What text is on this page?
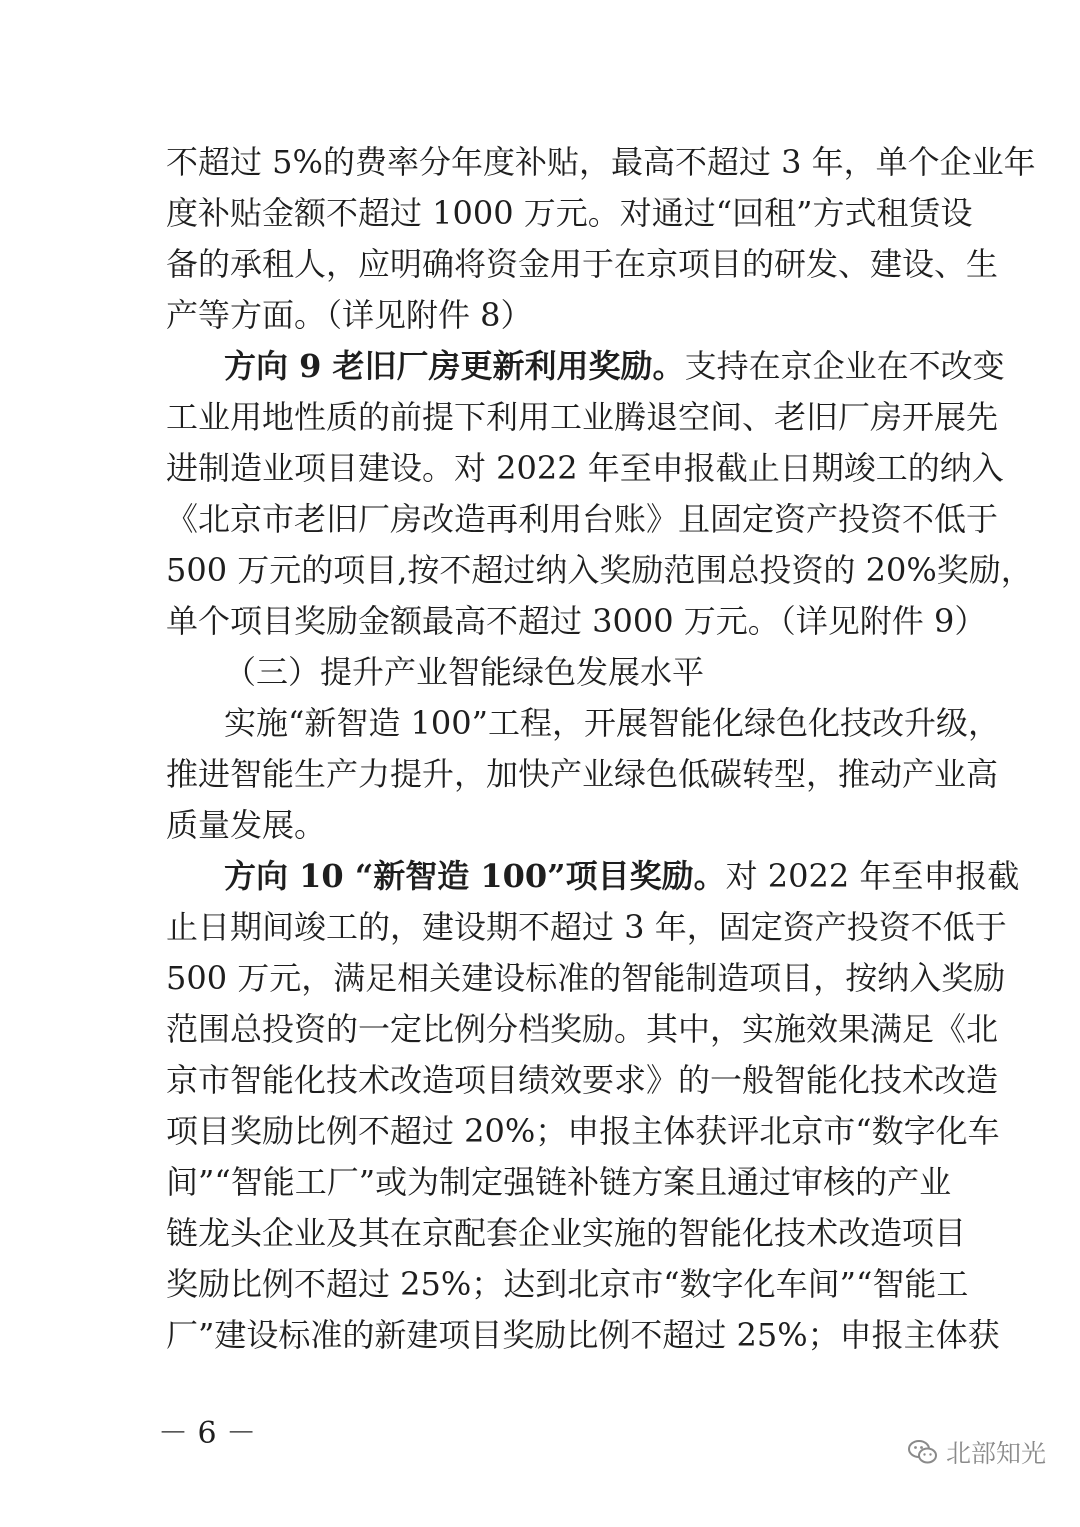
不超过 5%的费率分年度补贴，最高不超过 3 年，单个企业年
度补贴金额不超过 1000 万元。对通过“回租”方式租赁设
备的承租人，应明确将资金用于在京项目的研发、建设、生
产等方面。（详见附件 8）
方向 9 老旧厂房更新利用奖励。支持在京企业在不改变
工业用地性质的前提下利用工业腾退空间、老旧厂房开展先
进制造业项目建设。对 2022 年至申报截止日期竣工的纳入
《北京市老旧厂房改造再利用台账》且固定资产投资不低于
500 万元的项目,按不超过纳入奖励范围总投资的 20%奖励，
单个项目奖励金额最高不超过 3000 万元。（详见附件 9）
（三）提升产业智能绿色发展水平
实施“新智造 100”工程，开展智能化绿色化技改升级，
推进智能生产力提升，加快产业绿色低碳转型，推动产业高
质量发展。
方向 10 “新智造 100”项目奖励。对 2022 年至申报截
止日期间竣工的，建设期不超过 3 年，固定资产投资不低于
500 万元，满足相关建设标准的智能制造项目，按纳入奖励
范围总投资的一定比例分档奖励。其中，实施效果满足《北
京市智能化技术改造项目绩效要求》的一般智能化技术改造
项目奖励比例不超过 20%；申报主体获评北京市“数字化车
间”“智能工厂”或为制定强链补链方案且通过审核的产业
链龙头企业及其在京配套企业实施的智能化技术改造项目
奖励比例不超过 25%；达到北京市“数字化车间”“智能工
厂”建设标准的新建项目奖励比例不超过 25%；申报主体获
－ 6 －
北部知光
